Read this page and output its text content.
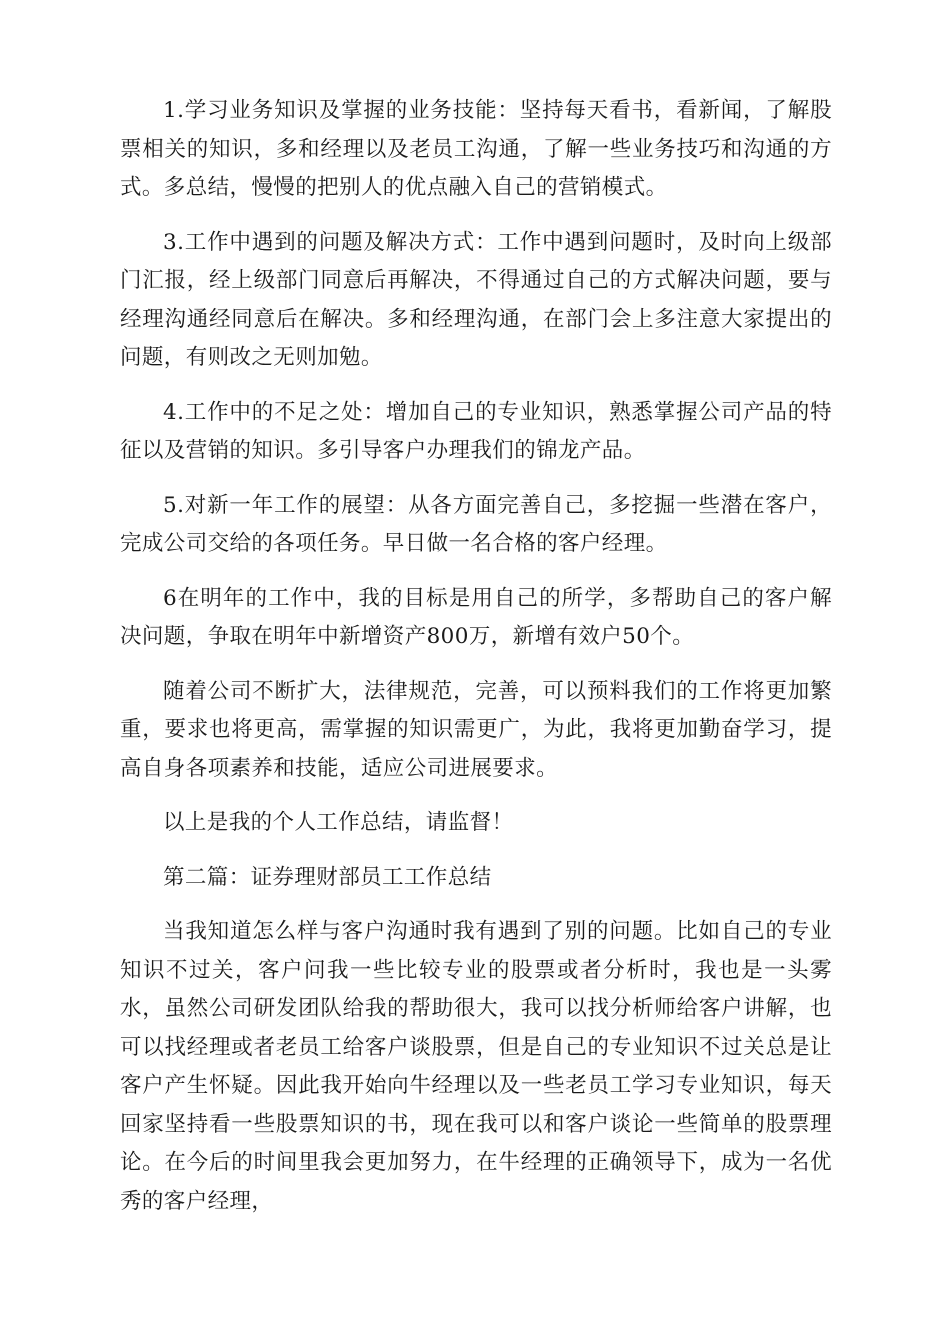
1.学习业务知识及掌握的业务技能：坚持每天看书，看新闻，了解股票相关的知识，多和经理以及老员工沟通，了解一些业务技巧和沟通的方式。多总结，慢慢的把别人的优点融入自己的营销模式。

3.工作中遇到的问题及解决方式：工作中遇到问题时，及时向上级部门汇报，经上级部门同意后再解决，不得通过自己的方式解决问题，要与经理沟通经同意后在解决。多和经理沟通，在部门会上多注意大家提出的问题，有则改之无则加勉。

4.工作中的不足之处：增加自己的专业知识，熟悉掌握公司产品的特征以及营销的知识。多引导客户办理我们的锦龙产品。

5.对新一年工作的展望：从各方面完善自己，多挖掘一些潜在客户，完成公司交给的各项任务。早日做一名合格的客户经理。

6在明年的工作中，我的目标是用自己的所学，多帮助自己的客户解决问题，争取在明年中新增资产800万，新增有效户50个。

随着公司不断扩大，法律规范，完善，可以预料我们的工作将更加繁重，要求也将更高，需掌握的知识需更广，为此，我将更加勤奋学习，提高自身各项素养和技能，适应公司进展要求。

以上是我的个人工作总结，请监督！

第二篇：证券理财部员工工作总结

当我知道怎么样与客户沟通时我有遇到了别的问题。比如自己的专业知识不过关，客户问我一些比较专业的股票或者分析时，我也是一头雾水，虽然公司研发团队给我的帮助很大，我可以找分析师给客户讲解，也可以找经理或者老员工给客户谈股票，但是自己的专业知识不过关总是让客户产生怀疑。因此我开始向牛经理以及一些老员工学习专业知识，每天回家坚持看一些股票知识的书，现在我可以和客户谈论一些简单的股票理论。在今后的时间里我会更加努力，在牛经理的正确领导下，成为一名优秀的客户经理，
